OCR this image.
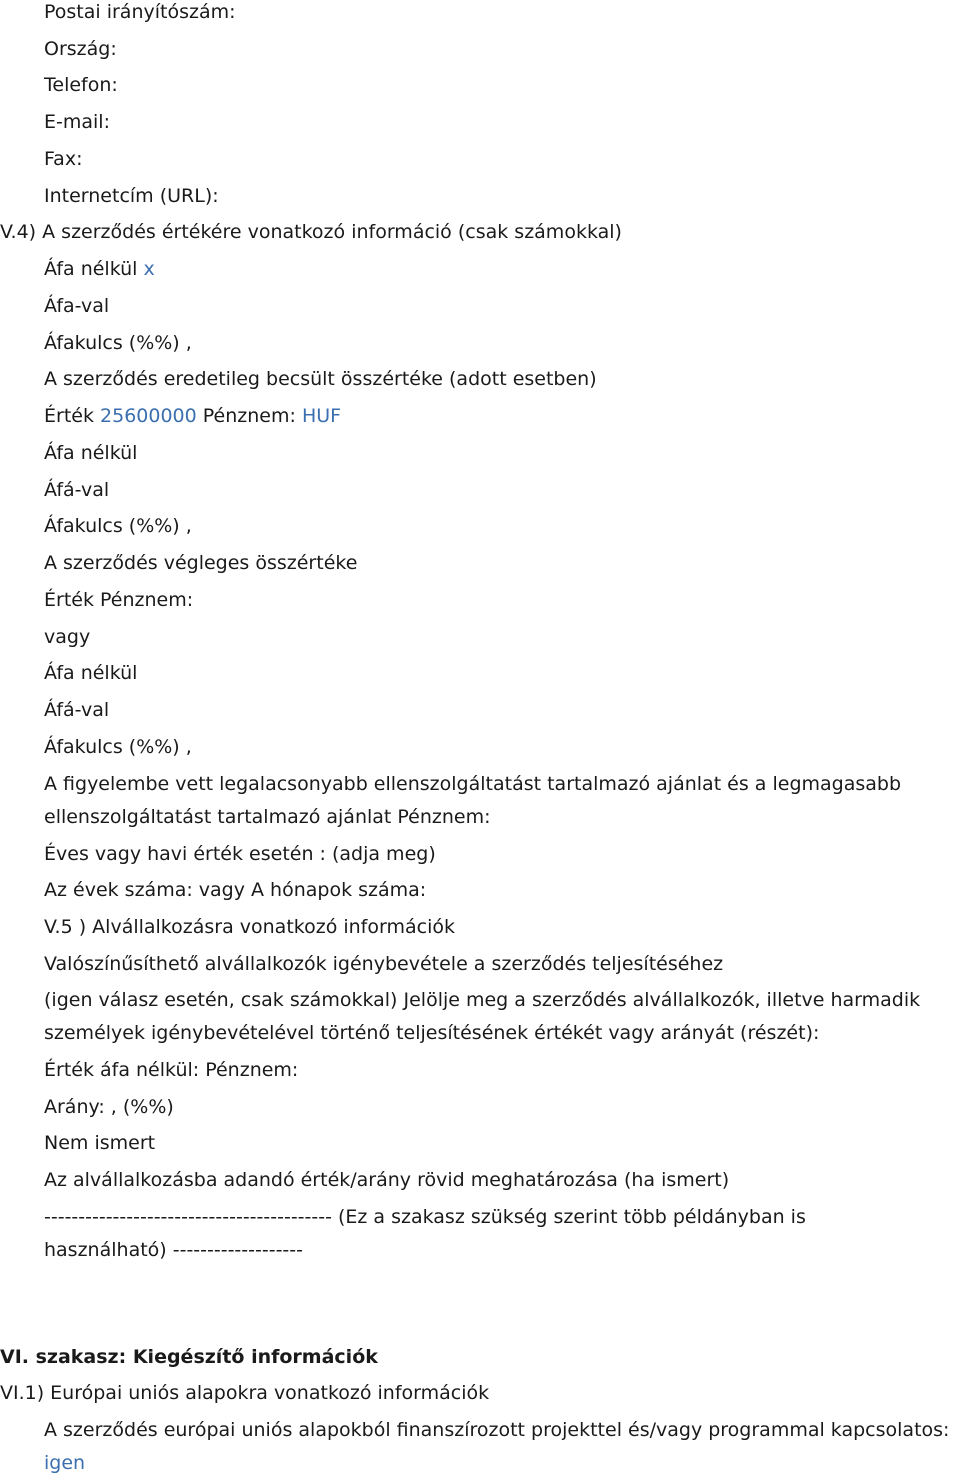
Postai irányítószám:
Ország:
Telefon:
E-mail:
Fax:
Internetcím (URL):
V.4) A szerződés értékére vonatkozó információ (csak számokkal)
Áfa nélkül x
Áfa-val
Áfakulcs (%%) ,
A szerződés eredetileg becsült összértéke (adott esetben)
Érték 25600000 Pénznem: HUF
Áfa nélkül
Áfá-val
Áfakulcs (%%) ,
A szerződés végleges összértéke
Érték Pénznem:
vagy
Áfa nélkül
Áfá-val
Áfakulcs (%%) ,
A figyelembe vett legalacsonyabb ellenszolgáltatást tartalmazó ajánlat és a legmagasabb
ellenszolgáltatást tartalmazó ajánlat Pénznem:
Éves vagy havi érték esetén : (adja meg)
Az évek száma: vagy A hónapok száma:
V.5 ) Alvállalkozásra vonatkozó információk
Valószínűsíthető alvállalkozók igénybevétele a szerződés teljesítéséhez
(igen válasz esetén, csak számokkal) Jelölje meg a szerződés alvállalkozók, illetve harmadik
személyek igénybevételével történő teljesítésének értékét vagy arányát (részét):
Érték áfa nélkül: Pénznem:
Arány: , (%%)
Nem ismert
Az alvállalkozásba adandó érték/arány rövid meghatározása (ha ismert)
------------------------------------------ (Ez a szakasz szükség szerint több példányban is
használható) -------------------
VI. szakasz: Kiegészítő információk
VI.1) Európai uniós alapokra vonatkozó információk
A szerződés európai uniós alapokból finanszírozott projekttel és/vagy programmal kapcsolatos:
igen
